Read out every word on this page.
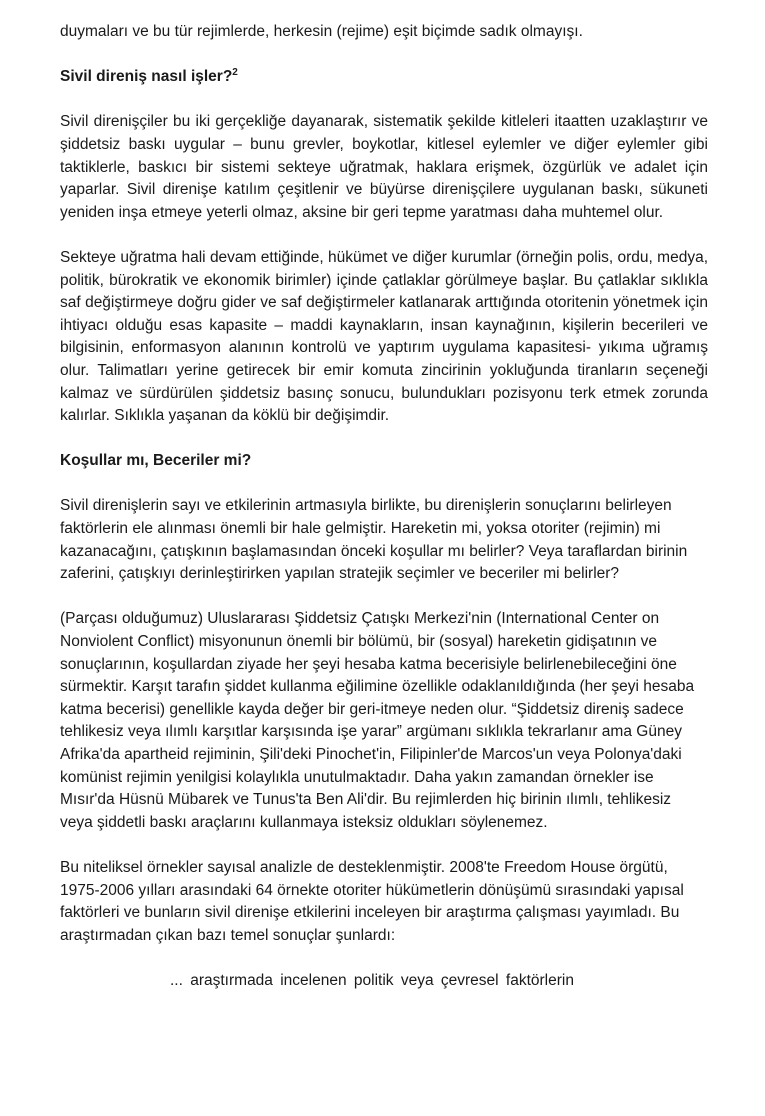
duymaları ve bu tür rejimlerde, herkesin (rejime) eşit biçimde sadık olmayışı.

Sivil direniş nasıl işler?$^2$

Sivil direnişçiler bu iki gerçekliğe dayanarak, sistematik şekilde kitleleri itaatten uzaklaştırır ve şiddetsiz baskı uygular – bunu grevler, boykotlar, kitlesel eylemler ve diğer eylemler gibi taktiklerle, baskıcı bir sistemi sekteye uğratmak, haklara erişmek, özgürlük ve adalet için yaparlar. Sivil direnişe katılım çeşitlenir ve büyürse direnişçilere uygulanan baskı, sükuneti yeniden inşa etmeye yeterli olmaz, aksine bir geri tepme yaratması daha muhtemel olur.

Sekteye uğratma hali devam ettiğinde, hükümet ve diğer kurumlar (örneğin polis, ordu, medya, politik, bürokratik ve ekonomik birimler) içinde çatlaklar görülmeye başlar. Bu çatlaklar sıklıkla saf değiştirmeye doğru gider ve saf değiştirmeler katlanarak arttığında otoritenin yönetmek için ihtiyacı olduğu esas kapasite – maddi kaynakların, insan kaynağının, kişilerin becerileri ve bilgisinin, enformasyon alanının kontrolü ve yaptırım uygulama kapasitesi- yıkıma uğramış olur. Talimatları yerine getirecek bir emir komuta zincirinin yokluğunda tiranların seçeneği kalmaz ve sürdürülen şiddetsiz basınç sonucu, bulundukları pozisyonu terk etmek zorunda kalırlar. Sıklıkla yaşanan da köklü bir değişimdir.

Koşullar mı, Beceriler mi?

Sivil direnişlerin sayı ve etkilerinin artmasıyla birlikte, bu direnişlerin sonuçlarını belirleyen faktörlerin ele alınması önemli bir hale gelmiştir. Hareketin mi, yoksa otoriter (rejimin) mi kazanacağını, çatışkının başlamasından önceki koşullar mı belirler? Veya taraflardan birinin zaferini, çatışkıyı derinleştirirken yapılan stratejik seçimler ve beceriler mi belirler?

(Parçası olduğumuz) Uluslararası Şiddetsiz Çatışkı Merkezi'nin (International Center on Nonviolent Conflict) misyonunun önemli bir bölümü, bir (sosyal) hareketin gidişatının ve sonuçlarının, koşullardan ziyade her şeyi hesaba katma becerisiyle belirlenebileceğini öne sürmektir. Karşıt tarafın şiddet kullanma eğilimine özellikle odaklanıldığında (her şeyi hesaba katma becerisi) genellikle kayda değer bir geri-itmeye neden olur. “Şiddetsiz direniş sadece tehlikesiz veya ılımlı karşıtlar karşısında işe yarar” argümanı sıklıkla tekrarlanır ama Güney Afrika'da apartheid rejiminin, Şili'deki Pinochet'in, Filipinler'de Marcos'un veya Polonya'daki komünist rejimin yenilgisi kolaylıkla unutulmaktadır. Daha yakın zamandan örnekler ise Mısır'da Hüsnü Mübarek ve Tunus'ta Ben Ali'dir. Bu rejimlerden hiç birinin ılımlı, tehlikesiz veya şiddetli baskı araçlarını kullanmaya isteksiz oldukları söylenemez.

Bu niteliksel örnekler sayısal analizle de desteklenmiştir. 2008'te Freedom House örgütü, 1975-2006 yılları arasındaki 64 örnekte otoriter hükümetlerin dönüşümü sırasındaki yapısal faktörleri ve bunların sivil direnişe etkilerini inceleyen bir araştırma çalışması yayımladı. Bu araştırmadan çıkan bazı temel sonuçlar şunlardı:

... araştırmada incelenen politik veya çevresel faktörlerin
